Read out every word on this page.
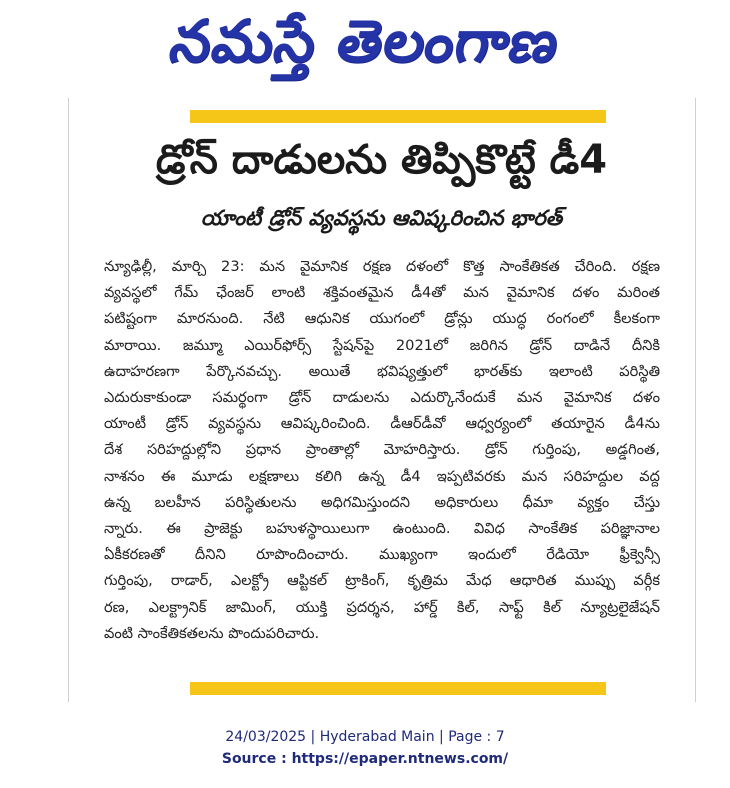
నమస్తే తెలంగాణ
డ్రోన్ దాడులను తిప్పికొట్టే డీ4
యాంటీ డ్రోన్ వ్యవస్థను ఆవిష్కరించిన భారత్
న్యూఢిల్లీ, మార్చి 23: మన వైమానిక రక్షణ దళంలో కొత్త సాంకేతికత చేరింది. రక్షణ
వ్యవస్థలో గేమ్ ఛేంజర్ లాంటి శక్తివంతమైన డీ4తో మన వైమానిక దళం మరింత
పటిష్టంగా మారనుంది. నేటి ఆధునిక యుగంలో డ్రోన్లు యుద్ధ రంగంలో కీలకంగా
మారాయి. జమ్మూ ఎయిర్‌ఫోర్స్ స్టేషన్‌పై 2021లో జరిగిన డ్రోన్ దాడినే దీనికి
ఉదాహరణగా పేర్కొనవచ్చు. అయితే భవిష్యత్తులో భారత్‌కు ఇలాంటి పరిస్థితి
ఎదురుకాకుండా సమర్థంగా డ్రోన్ దాడులను ఎదుర్కొనేందుకే మన వైమానిక దళం
యాంటీ డ్రోన్ వ్యవస్థను ఆవిష్కరించింది. డీఆర్‌డీవో ఆధ్వర్యంలో తయారైన డీ4ను
దేశ సరిహద్దుల్లోని ప్రధాన ప్రాంతాల్లో మోహరిస్తారు. డ్రోన్ గుర్తింపు, అడ్డగింత,
నాశనం ఈ మూడు లక్షణాలు కలిగి ఉన్న డీ4 ఇప్పటివరకు మన సరిహద్దుల వద్ద
ఉన్న బలహీన పరిస్థితులను అధిగమిస్తుందని అధికారులు ధీమా వ్యక్తం చేస్తు
న్నారు. ఈ ప్రాజెక్టు బహుళస్థాయిలుగా ఉంటుంది. వివిధ సాంకేతిక పరిజ్ఞానాల
ఏకీకరణతో దీనిని రూపొందించారు. ముఖ్యంగా ఇందులో రేడియో ఫ్రీక్వెన్సీ
గుర్తింపు, రాడార్, ఎలక్ట్రో ఆప్టికల్ ట్రాకింగ్, కృత్రిమ మేధ ఆధారిత ముప్పు వర్గీక
రణ, ఎలక్ట్రానిక్ జామింగ్, యుక్తి ప్రదర్శన, హార్డ్ కిల్, సాఫ్ట్ కిల్ న్యూట్రలైజేషన్
వంటి సాంకేతికతలను పొందుపరిచారు.
24/03/2025 | Hyderabad Main | Page : 7
Source : https://epaper.ntnews.com/
